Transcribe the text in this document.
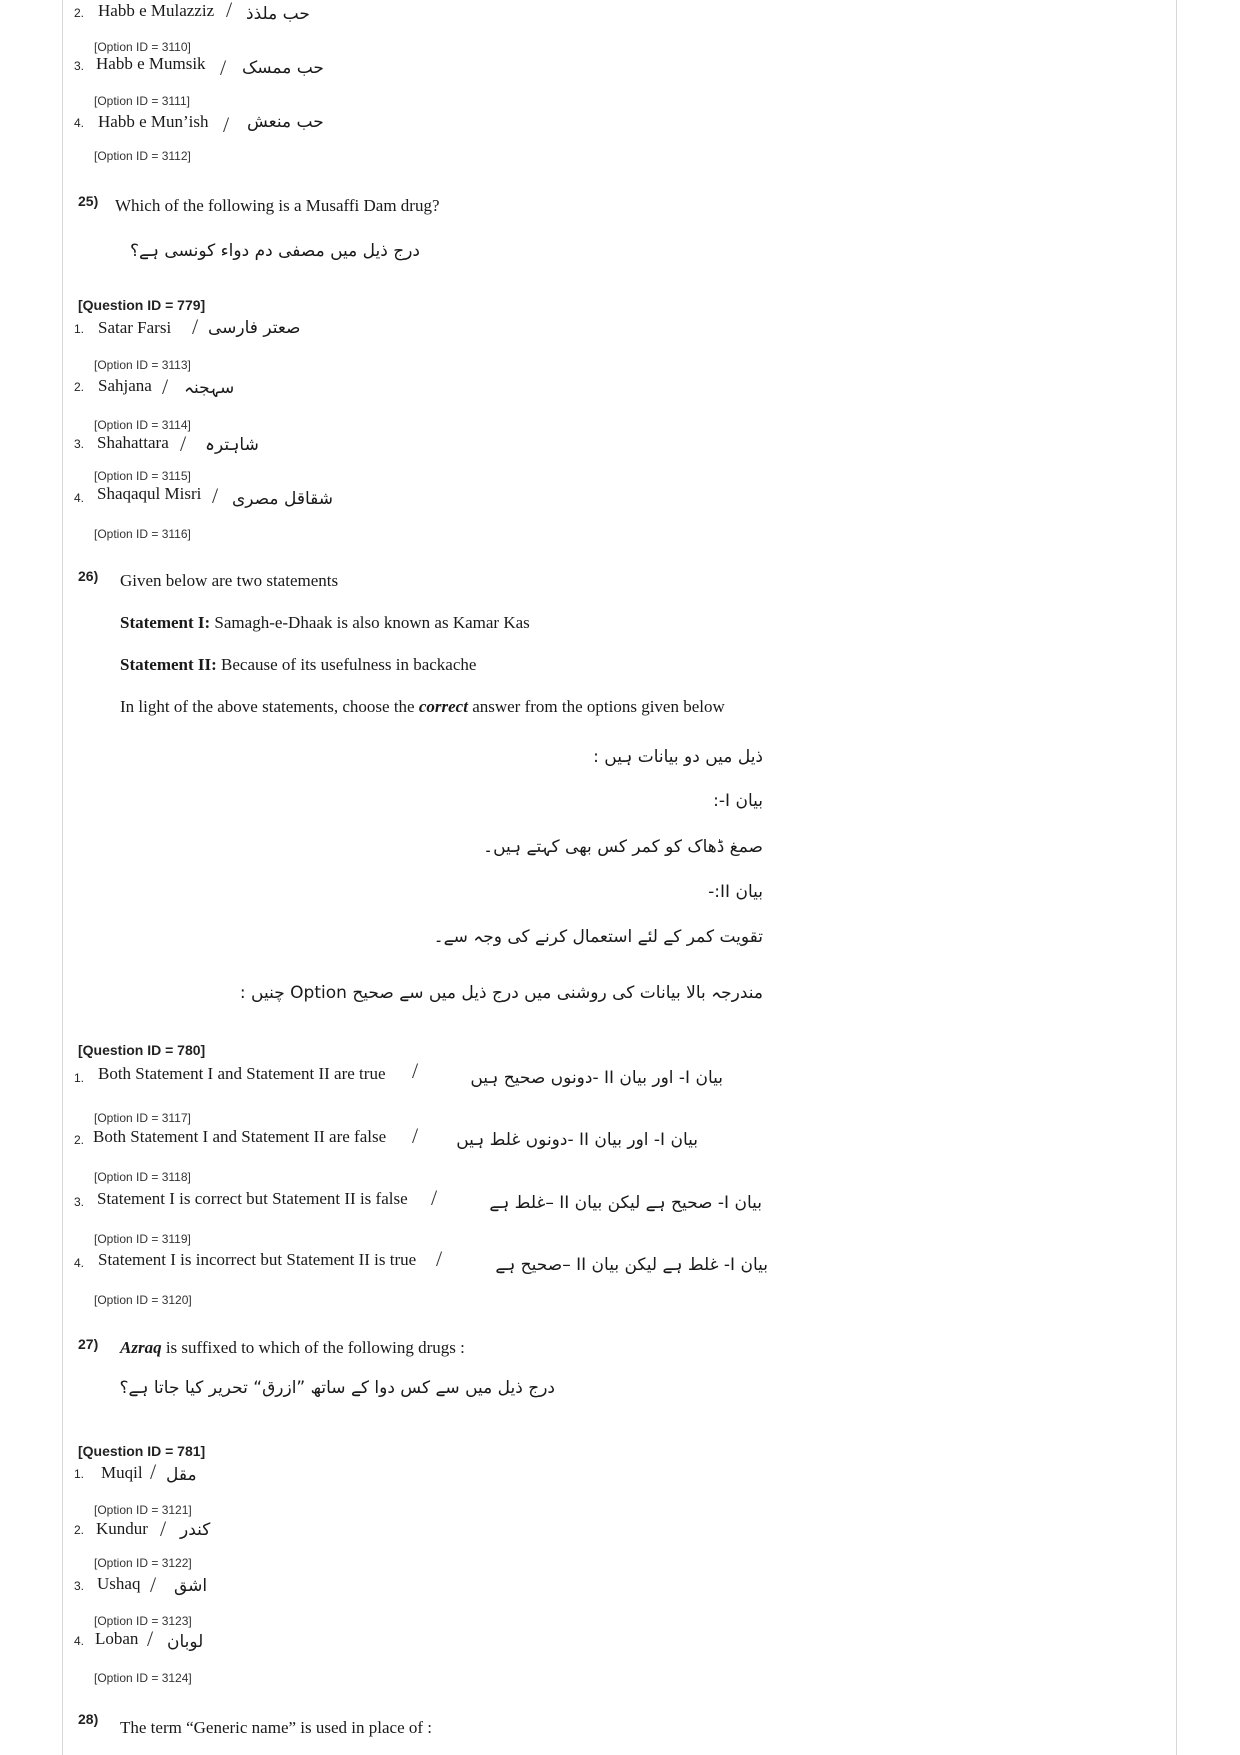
2. Habb e Mulazziz / حب ملذذ
[Option ID = 3110]
3. Habb e Mumsik / حب ممسک
[Option ID = 3111]
4. Habb e Mun’ish / حب منعش
[Option ID = 3112]
25) Which of the following is a Musaffi Dam drug?
درج ذیل میں مصفی دم دواء کونسی ہے؟
[Question ID = 779]
1. Satar Farsi / صعتر فارسی
[Option ID = 3113]
2. Sahjana / سہجنہ
[Option ID = 3114]
3. Shahattara / شاہترہ
[Option ID = 3115]
4. Shaqaqul Misri / شقاقل مصری
[Option ID = 3116]
26) Given below are two statements
Statement I: Samagh-e-Dhaak is also known as Kamar Kas
Statement II: Because of its usefulness in backache
In light of the above statements, choose the correct answer from the options given below
ذیل میں دو بیانات ہیں :
بیان I-:
صمغ ڈھاک کو کمر کس بھی کہتے ہیں۔
بیان II:-
تقویت کمر کے لئے استعمال کرنے کی وجہ سے۔
مندرجہ بالا بیانات کی روشنی میں درج ذیل میں سے صحیح Option چنیں :
[Question ID = 780]
1. Both Statement I and Statement II are true /	بیان I- اور بیان II -دونوں صحیح ہیں
[Option ID = 3117]
2. Both Statement I and Statement II are false /	بیان I- اور بیان II -دونوں غلط ہیں
[Option ID = 3118]
3. Statement I is correct but Statement II is false /	بیان I- صحیح ہے لیکن بیان II –غلط ہے
[Option ID = 3119]
4. Statement I is incorrect but Statement II is true /	بیان I- غلط ہے لیکن بیان II –صحیح ہے
[Option ID = 3120]
27) Azraq is suffixed to which of the following drugs :
درج ذیل میں سے کس دوا کے ساتھ ”ازرق“ تحریر کیا جاتا ہے؟
[Question ID = 781]
1. Muqil / مقل
[Option ID = 3121]
2. Kundur / کندر
[Option ID = 3122]
3. Ushaq / اشق
[Option ID = 3123]
4. Loban / لوبان
[Option ID = 3124]
28) The term “Generic name” is used in place of :
